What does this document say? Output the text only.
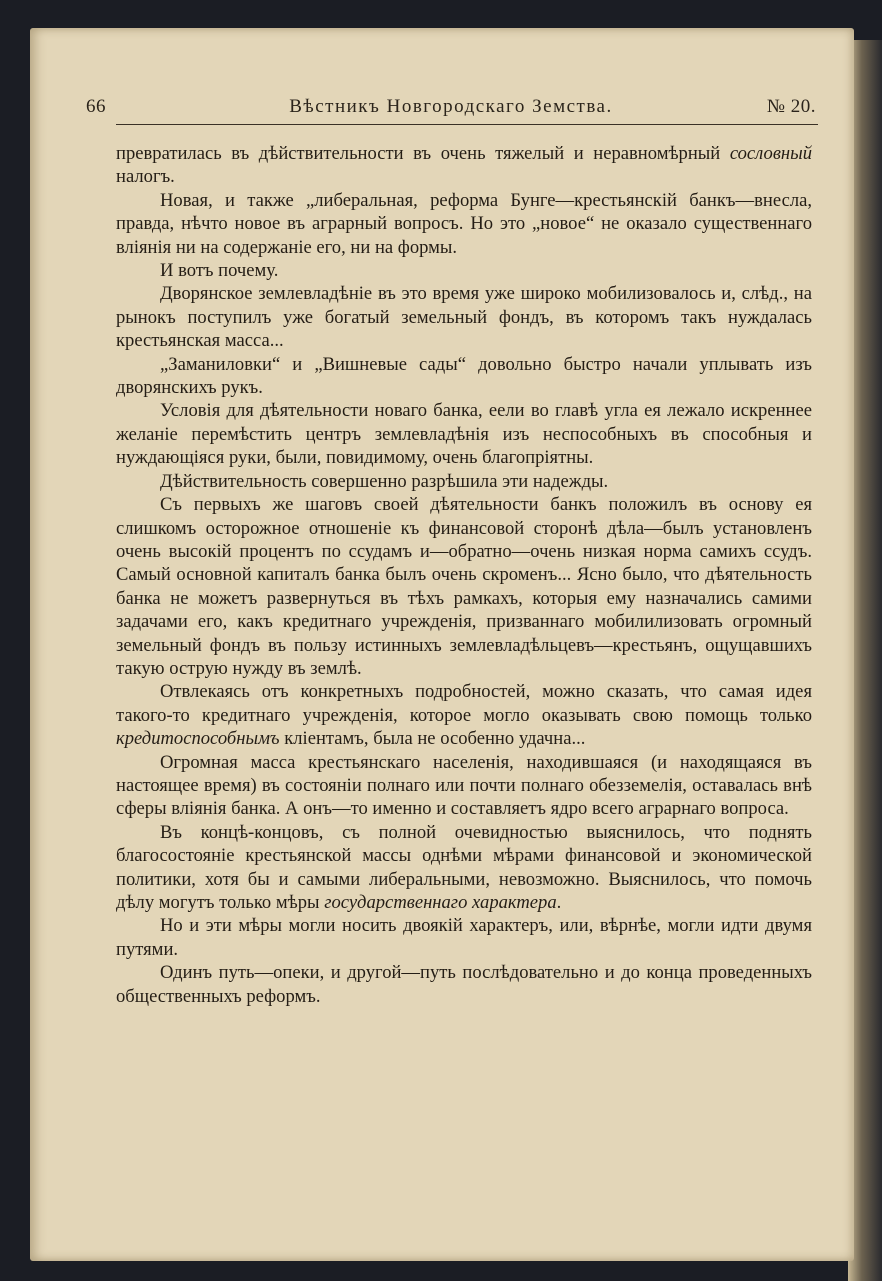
66	Вѣстникъ Новгородскаго Земства.	№ 20.

превратилась въ дѣйствительности въ очень тяжелый и неравномѣрный сословный налогъ.

Новая, и также „либеральная, реформа Бунге—крестьянскій банкъ—внесла, правда, нѣчто новое въ аграрный вопросъ. Но это „новое“ не оказало существеннаго вліянія ни на содержаніе его, ни на формы.

И вотъ почему.

Дворянское землевладѣніе въ это время уже широко мобилизовалось и, слѣд., на рынокъ поступилъ уже богатый земельный фондъ, въ которомъ такъ нуждалась крестьянская масса...

„Заманиловки“ и „Вишневые сады“ довольно быстро начали уплывать изъ дворянскихъ рукъ.

Условія для дѣятельности новаго банка, еели во главѣ угла ея лежало искреннее желаніе перемѣстить центръ землевладѣнія изъ неспособныхъ въ способныя и нуждающіяся руки, были, повидимому, очень благопріятны.

Дѣйствительность совершенно разрѣшила эти надежды.

Съ первыхъ же шаговъ своей дѣятельности банкъ положилъ въ основу ея слишкомъ осторожное отношеніе къ финансовой сторонѣ дѣла—былъ установленъ очень высокій процентъ по ссудамъ и—обратно—очень низкая норма самихъ ссудъ. Самый основной капиталъ банка былъ очень скроменъ... Ясно было, что дѣятельность банка не можетъ развернуться въ тѣхъ рамкахъ, которыя ему назначались самими задачами его, какъ кредитнаго учрежденія, призваннаго мобилилизовать огромный земельный фондъ въ пользу истинныхъ землевладѣльцевъ—крестьянъ, ощущавшихъ такую острую нужду въ землѣ.

Отвлекаясь отъ конкретныхъ подробностей, можно сказать, что самая идея такого-то кредитнаго учрежденія, которое могло оказывать свою помощь только кредитоспособнымъ кліентамъ, была не особенно удачна...

Огромная масса крестьянскаго населенія, находившаяся (и находящаяся въ настоящее время) въ состояніи полнаго или почти полнаго обезземелія, оставалась внѣ сферы вліянія банка. А онъ—то именно и составляетъ ядро всего аграрнаго вопроса.

Въ концѣ-концовъ, съ полной очевидностью выяснилось, что поднять благосостояніе крестьянской массы однѣми мѣрами финансовой и экономической политики, хотя бы и самыми либеральными, невозможно. Выяснилось, что помочь дѣлу могутъ только мѣры государственнаго характера.

Но и эти мѣры могли носить двоякій характеръ, или, вѣрнѣе, могли идти двумя путями.

Одинъ путь—опеки, и другой—путь послѣдовательно и до конца проведенныхъ общественныхъ реформъ.
